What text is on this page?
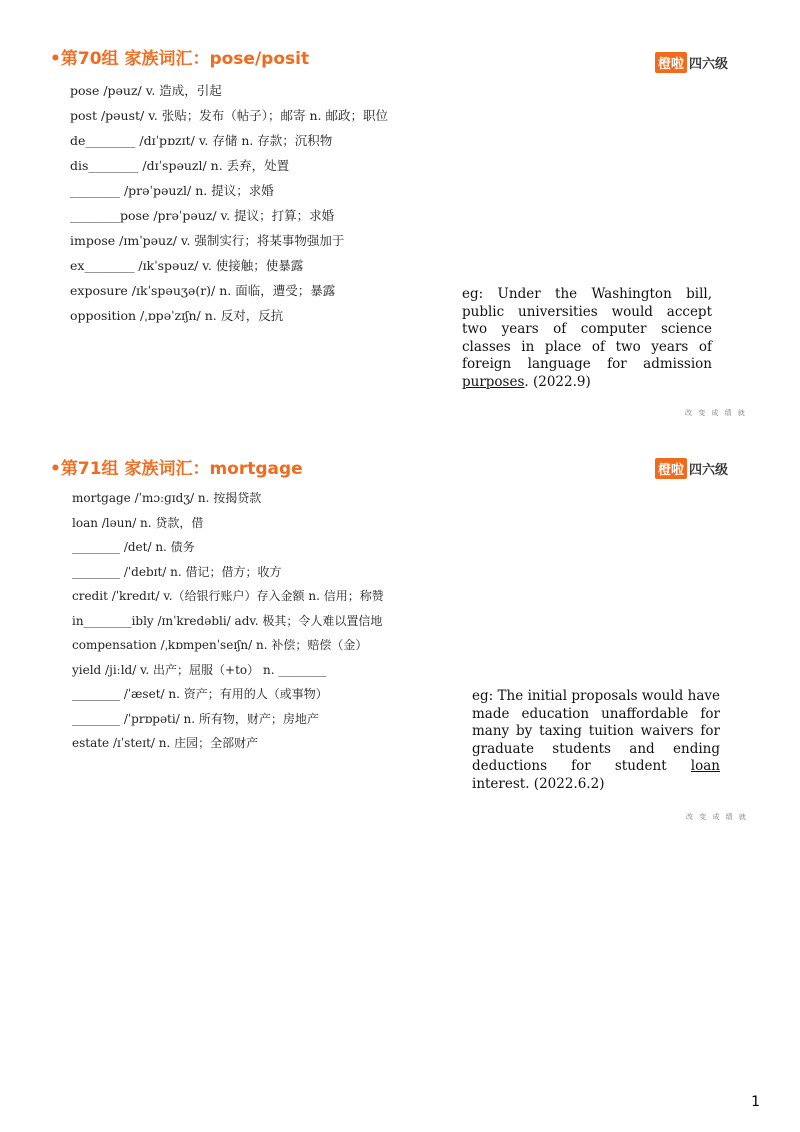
•第70组 家族词汇：pose/posit	橙啦 四六级
pose /pəuz/ v. 造成，引起
post /pəust/ v. 张贴；发布（帖子）；邮寄 n. 邮政；职位
de________ /dɪˈpɒzɪt/ v. 存储 n. 存款；沉积物
dis________ /dɪˈspəuzl/ n. 丢弃，处置
________ /prəˈpəuzl/ n. 提议；求婚
________pose /prəˈpəuz/ v. 提议；打算；求婚
impose /ɪmˈpəuz/ v. 强制实行；将某事物强加于
ex________ /ɪkˈspəuz/ v. 使接触；使暴露
exposure /ɪkˈspəuʒə(r)/ n. 面临，遭受；暴露
opposition /ˌɒpəˈzɪʃn/ n. 反对，反抗

eg: Under the Washington bill, public universities would accept two years of computer science classes in place of two years of foreign language for admission purposes. (2022.9)

改 变 成 绩 就
•第71组 家族词汇：mortgage	橙啦 四六级
mortgage /ˈmɔːɡɪdʒ/ n. 按揭贷款
loan /ləun/ n. 贷款，借
________ /det/ n. 债务
________ /ˈdebɪt/ n. 借记；借方；收方
credit /ˈkredɪt/ v.（给银行账户）存入金额 n. 信用；称赞
in________ibly /ɪnˈkredəbli/ adv. 极其；令人难以置信地
compensation /ˌkɒmpenˈseɪʃn/ n. 补偿；赔偿（金）
yield /jiːld/ v. 出产；屈服（+to） n. ________
________ /ˈæset/ n. 资产；有用的人（或事物）
________ /ˈprɒpəti/ n. 所有物，财产；房地产
estate /ɪˈsteɪt/ n. 庄园；全部财产

eg: The initial proposals would have made education unaffordable for many by taxing tuition waivers for graduate students and ending deductions for student loan interest. (2022.6.2)

改 变 成 绩 就
1
